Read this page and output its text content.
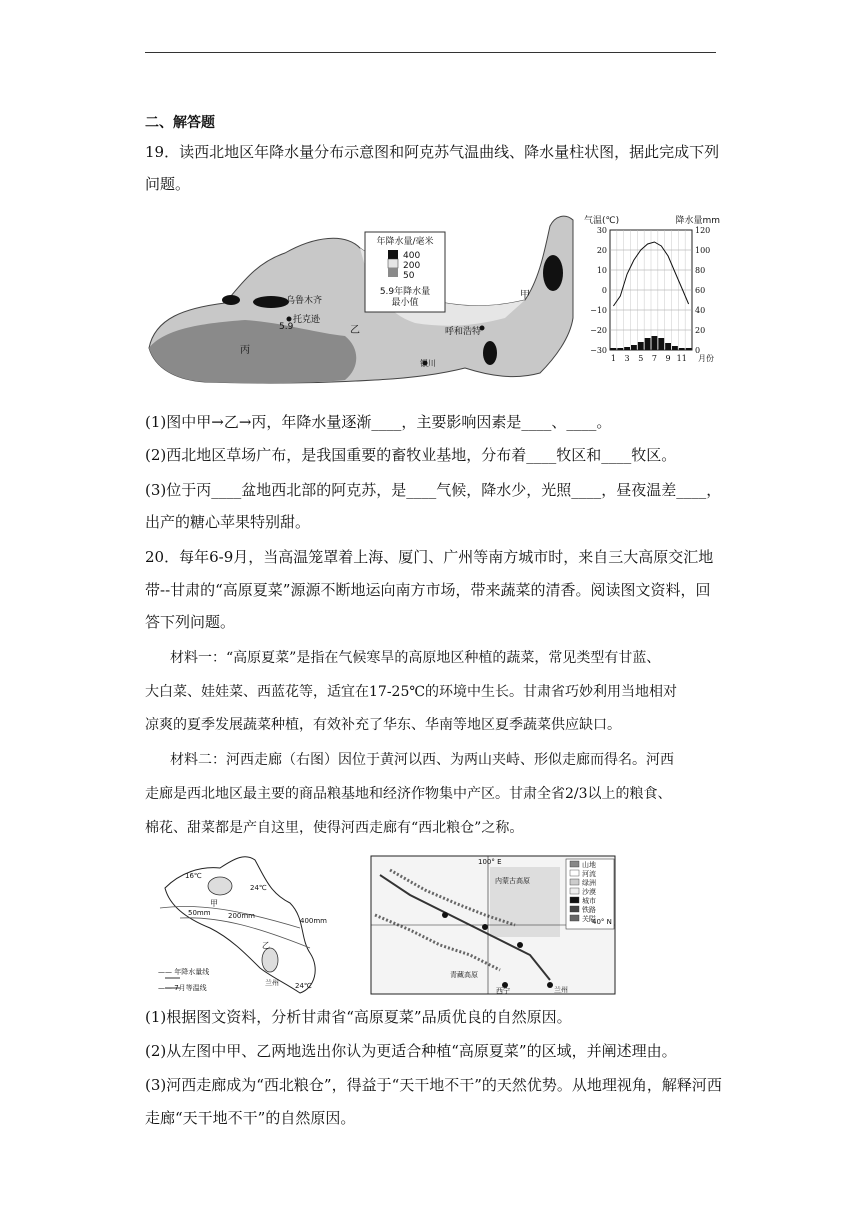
二、解答题
19．读西北地区年降水量分布示意图和阿克苏气温曲线、降水量柱状图，据此完成下列
问题。
年降水量/毫米
400
200
50
5.9年降水量
最小值
乌鲁木齐
托克逊
5.9
甲
乙
丙
呼和浩特
银川
气温(℃)	降水量mm
30
20
10
0
−10
−20
−30
120
100
80
60
40
20
0
1 3 5 7 9 11 月份
(1)图中甲→乙→丙，年降水量逐渐____，主要影响因素是____、____。
(2)西北地区草场广布，是我国重要的畜牧业基地，分布着____牧区和____牧区。
(3)位于丙____盆地西北部的阿克苏，是____气候，降水少，光照____，昼夜温差____，
出产的糖心苹果特别甜。
20．每年6-9月，当高温笼罩着上海、厦门、广州等南方城市时，来自三大高原交汇地
带--甘肃的“高原夏菜”源源不断地运向南方市场，带来蔬菜的清香。阅读图文资料，回
答下列问题。
材料一：“高原夏菜”是指在气候寒旱的高原地区种植的蔬菜，常见类型有甘蓝、
大白菜、娃娃菜、西蓝花等，适宜在17-25℃的环境中生长。甘肃省巧妙利用当地相对
凉爽的夏季发展蔬菜种植，有效补充了华东、华南等地区夏季蔬菜供应缺口。
材料二：河西走廊（右图）因位于黄河以西、为两山夹峙、形似走廊而得名。河西
走廊是西北地区最主要的商品粮基地和经济作物集中产区。甘肃全省2/3以上的粮食、
棉花、甜菜都是产自这里，使得河西走廊有“西北粮仓”之称。
16℃
24℃
24℃
50mm 200mm
400mm
甲
乙
兰州
—— 年降水量线
—— 7月等温线
100° E
40° N
内蒙古高原
青藏高原
西宁	兰州
山地
河流
绿洲
沙漠
城市
铁路
关隘
(1)根据图文资料，分析甘肃省“高原夏菜”品质优良的自然原因。
(2)从左图中甲、乙两地选出你认为更适合种植“高原夏菜”的区域，并阐述理由。
(3)河西走廊成为“西北粮仓”，得益于“天干地不干”的天然优势。从地理视角，解释河西
走廊“天干地不干”的自然原因。
